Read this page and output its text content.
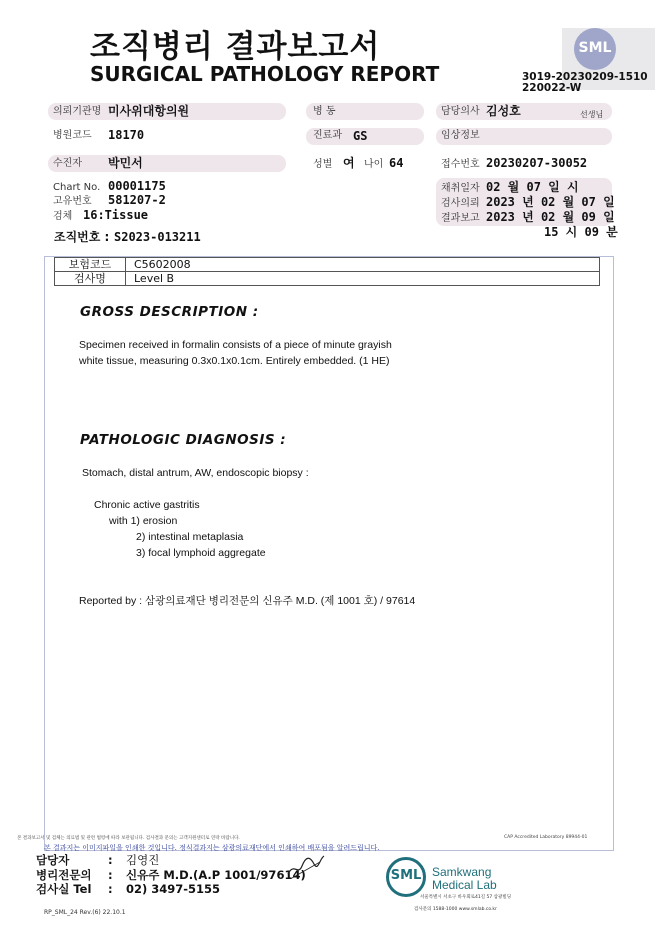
조직병리 결과보고서
SURGICAL PATHOLOGY REPORT
SML
3019-20230209-1510
220022-W
의뢰기관명 미사위대항의원
병원코드 18170
수진자 박민서
Chart No. 00001175
고유번호 581207-2
검체 16:Tissue
조직번호 : S2023-013211
병 동
진료과 GS
성별 여 나이 64
담당의사 김성호	선생님
임상정보
접수번호 20230207-30052
채취일자 02 월 07 일 시
검사의뢰 2023 년 02 월 07 일
결과보고 2023 년 02 월 09 일
15 시 09 분
보험코드	C5602008
검사명	Level B
GROSS DESCRIPTION :
Specimen received in formalin consists of a piece of minute grayish
white tissue, measuring 0.3x0.1x0.1cm. Entirely embedded. (1 HE)
PATHOLOGIC DIAGNOSIS :
Stomach, distal antrum, AW, endoscopic biopsy :
Chronic active gastritis
with 1) erosion
2) intestinal metaplasia
3) focal lymphoid aggregate
Reported by : 삼광의료재단 병리전문의 신유주 M.D. (제 1001 호) / 97614
본 결과보고서 및 검체는 의료법 및 관련 법령에 따라 보관됩니다. 검사결과 문의는 고객지원센터로 연락 바랍니다.	CAP Accredited Laboratory 89944-01
본 결과지는 이미지파일을 인쇄한 것입니다. 정식결과지는 삼광의료재단에서 인쇄하여 배포됨을 알려드립니다.
담당자	: 김영진
병리전문의 : 신유주 M.D.(A.P 1001/97614)
검사실 Tel : 02) 3497-5155
SML Samkwang
Medical Lab
서울특별시 서초구 바우뫼로41길 57 삼광빌딩
검사문의 1588-1000 www.smlab.co.kr
RP_SML_24 Rev.(6) 22.10.1
